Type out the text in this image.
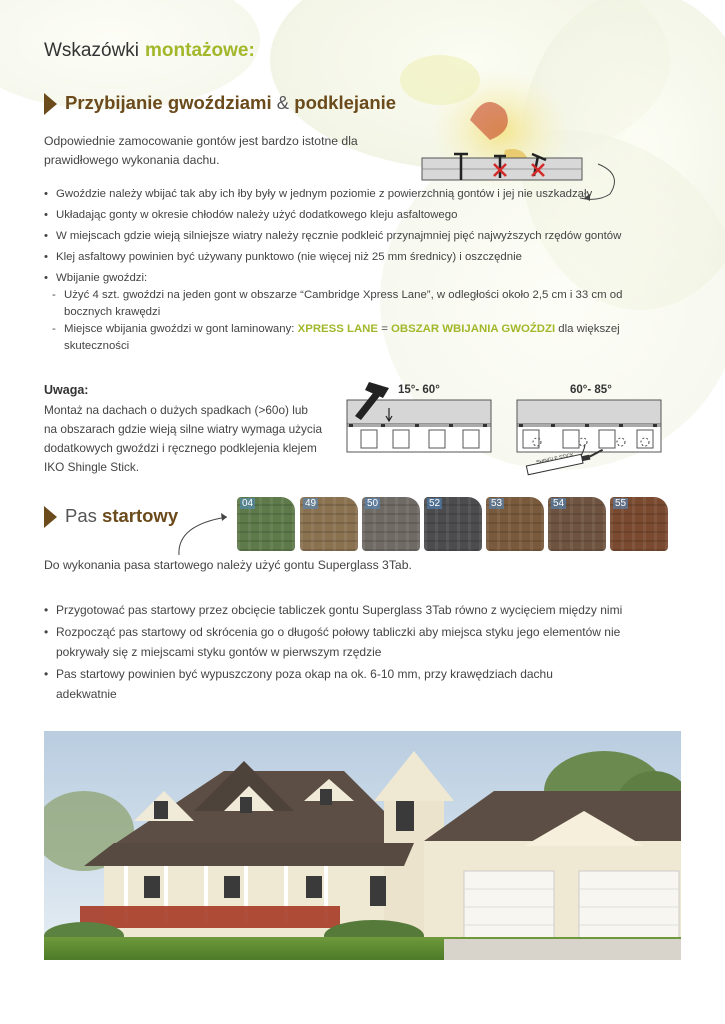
Wskazówki montażowe:
Przybijanie gwoździami & podklejanie
Odpowiednie zamocowanie gontów jest bardzo istotne dla prawidłowego wykonania dachu.
• Gwoździe należy wbijać tak aby ich łby były w jednym poziomie z powierzchnią gontów i jej nie uszkadzały
• Układając gonty w okresie chłodów należy użyć dodatkowego kleju asfaltowego
• W miejscach gdzie wieją silniejsze wiatry należy ręcznie podkleić przynajmniej pięć najwyższych rzędów gontów
• Klej asfaltowy powinien być używany punktowo (nie więcej niż 25 mm średnicy) i oszczędnie
• Wbijanie gwoździ:
- Użyć 4 szt. gwoździ na jeden gont w obszarze “Cambridge Xpress Lane”, w odległości około 2,5 cm i 33 cm od bocznych krawędzi
- Miejsce wbijania gwoździ w gont laminowany: XPRESS LANE = OBSZAR WBIJANIA GWOŹDZI dla większej skuteczności
Uwaga:
Montaż na dachach o dużych spadkach (>60o) lub na obszarach gdzie wieją silne wiatry wymaga użycia dodatkowych gwoździ i ręcznego podklejenia klejem IKO Shingle Stick.
15°- 60°	60°- 85°
SHINGLE STICK
Pas startowy
04	49	50	52	53	54	55
Do wykonania pasa startowego należy użyć gontu Superglass 3Tab.
• Przygotować pas startowy przez obcięcie tabliczek gontu Superglass 3Tab równo z wycięciem między nimi
• Rozpocząć pas startowy od skrócenia go o długość połowy tabliczki aby miejsca styku jego elementów nie pokrywały się z miejscami styku gontów w pierwszym rzędzie
• Pas startowy powinien być wypuszczony poza okap na ok. 6-10 mm, przy krawędziach dachu adekwatnie
